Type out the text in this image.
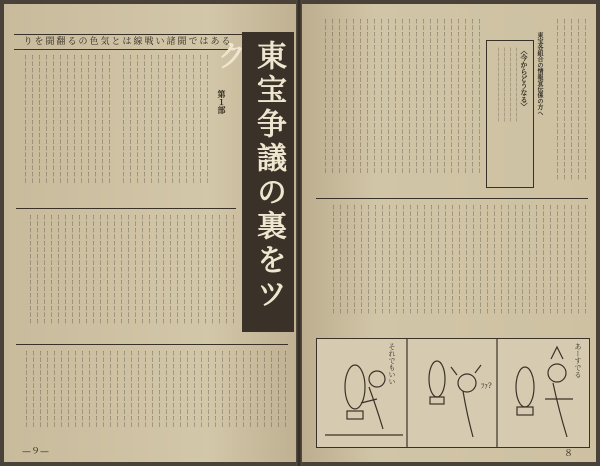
りを闘翻るの色気とは線戦い諸闘ではある 東宝争議の裏をツク
第１部
ーーーーーーーーーーーーーーーーーーーー
ーーーーーーーーーーーーーーーーーーーー
ーーーーーーーーーーーーーーーーーーーー
ーーーーーーーーーーーーーーーーーーーー
ーーーーーーーーーーーーーーーーーーーー
ーーーーーーーーーーーーーーーーーーーー
ーーーーーーーーーーーーーーーーーーーー
ーーーーーーーーーーーーーーーーーーーー
ーーーーーーーーーーーーーーーーーーーー
ーーーーーーーーーーーーーーーーーーーー
ーーーーーーーーーーーーーーーーーーーー
ーーーーーーーーーーーーーーーーーーーー
ーーーーーーーーーーーーーーーーーーーー
ーーーーーーーーーーーーーーーーーーーー
ーーーーーーーーーーーーーーーーーーーー
ーーーーーーーーーーーーーーーーーーーー
ーーーーーーーーーーーーーーーーーーーー
ーーーーーーーーーーーーーーーーーーーー
ーーーーーーーーーーーーーーーーーーーー
ーーーーーーーーーーーーーーーーーーーー
ーーーーーーーーーーーーーーーーーーーー
ーーーーーーーーーーーーーーーーーーーー
ーーーーーーーーーーーーーーーーーーーー
ーーーーーーーーーーーーーーーーーーーー
ーーーーーーーーーーーーーーーーーーーー
ーーーーーーーーーーーーーーーーーーーー
ーーーーーーーーーーーーーーーーー
ーーーーーーーーーーーーーーーーー
ーーーーーーーーーーーーーーーーー
ーーーーーーーーーーーーーーーーー
ーーーーーーーーーーーーーーーーー
ーーーーーーーーーーーーーーーーー
ーーーーーーーーーーーーーーーーー
ーーーーーーーーーーーーーーーーー
ーーーーーーーーーーーーーーーーー
ーーーーーーーーーーーーーーーーー
ーーーーーーーーーーーーーーーーー
ーーーーーーーーーーーーーーーーー
ーーーーーーーーーーーーーーーーー
ーーーーーーーーーーーーーーーーー
ーーーーーーーーーーーーーーーーー
ーーーーーーーーーーーーーーーーー
ーーーーーーーーーーーーーーーーー
ーーーーーーーーーーーーーーーーー
ーーーーーーーーーーーーーーーーー
ーーーーーーーーーーーーーーーーー
ーーーーーーーーーーーーーーーーー
ーーーーーーーーーーーーーーーーー
ーーーーーーーーーーーーーーーーー
ーーーーーーーーーーーーーーーーー
ーーーーーーーーーーーーーーーーー
ーーーーーーーーーーーーーーーーー
ーーーーーーーーーーーーーーーーー
ーーーーーーーーーーーーーーーーー
ーーーーーーーーーーーーーーーーー
ーーーーーーーーーーーーーーーーー
ーーーーーーーーーーーー
ーーーーーーーーーーーー
ーーーーーーーーーーーー
ーーーーーーーーーーーー
ーーーーーーーーーーーー
ーーーーーーーーーーーー
ーーーーーーーーーーーー
ーーーーーーーーーーーー
ーーーーーーーーーーーー
ーーーーーーーーーーーー
ーーーーーーーーーーーー
ーーーーーーーーーーーー
ーーーーーーーーーーーー
ーーーーーーーーーーーー
ーーーーーーーーーーーー
ーーーーーーーーーーーー
ーーーーーーーーーーーー
ーーーーーーーーーーーー
ーーーーーーーーーーーー
ーーーーーーーーーーーー
ーーーーーーーーーーーー
ーーーーーーーーーーーー
ーーーーーーーーーーーー
ーーーーーーーーーーーー
ーーーーーーーーーーーー
ーーーーーーーーーーーー
ーーーーーーーーーーーー
ーーーーーーーーーーーー
ーーーーーーーーーーーー
ーーーーーーーーーーーー
ーーーーーーーーーーーー
ーーーーーーーーーーーー
ーーーーーーーーーーーー
ーーーーーーーーーーーー
ーーーーーーーーーーーー
ーーーーーーーーーーーー
ーーーーーーーーーーーー
ーーーーーーーーーーーー
—９—
東宝各組合の情報宣伝係の方へ
〈今からどうなる〉
ーーーーーーーーーーーーーーー
ーーーーーーーーーーーーーーー
ーーーーーーーーーーーーーーー
ーーーーーーーーーーーーーーー	ーーーーーーーーーーーーーーーーーーーーーーーーー
ーーーーーーーーーーーーーーーーーーーーーーーーー
ーーーーーーーーーーーーーーーーーーーーーーーーー
ーーーーーーーーーーーーーーーーーーーーーーーーー
ーーーーーーーーーーーーーーーーーーーーーーーーー
ーーーーーーーーーーーーーーーーーーーーーーーー
ーーーーーーーーーーーーーーーーーーーーーーーー
ーーーーーーーーーーーーーーーーーーーーーーーー
ーーーーーーーーーーーーーーーーーーーーーーーー
ーーーーーーーーーーーーーーーーーーーーーーーー
ーーーーーーーーーーーーーーーーーーーーーーーー
ーーーーーーーーーーーーーーーーーーーーーーーー
ーーーーーーーーーーーーーーーーーーーーーーーー
ーーーーーーーーーーーーーーーーーーーーーーーー
ーーーーーーーーーーーーーーーーーーーーーーーー
ーーーーーーーーーーーーーーーーーーーーーーーー
ーーーーーーーーーーーーーーーーーーーーーーーー
ーーーーーーーーーーーーーーーーーーーーーーーー
ーーーーーーーーーーーーーーーーーーーーーーーー
ーーーーーーーーーーーーーーーーーーーーーーーー
ーーーーーーーーーーーーーーーーーーーーーーーー
ーーーーーーーーーーーーーーーーーーーーーーーー
ーーーーーーーーーーーーーーーーーーーーーーーー
ーーーーーーーーーーーーーーーーーーーーーーーー
ーーーーーーーーーーーーーーーーーーーーーーーー
ーーーーーーーーーーーーーーーーーーーーーーーー
ーーーーーーーーーーーーーーーーーーーーーーーー
ーーーーーーーーーーーーーーーーーーーーーーーー
ーーーーーーーーーーーーーーーーー
ーーーーーーーーーーーーーーーーー
ーーーーーーーーーーーーーーーーー
ーーーーーーーーーーーーーーーーー
ーーーーーーーーーーーーーーーーー
ーーーーーーーーーーーーーーーーー
ーーーーーーーーーーーーーーーーー
ーーーーーーーーーーーーーーーーー
ーーーーーーーーーーーーーーーーー
ーーーーーーーーーーーーーーーーー
ーーーーーーーーーーーーーーーーー
ーーーーーーーーーーーーーーーーー
ーーーーーーーーーーーーーーーーー
ーーーーーーーーーーーーーーーーー
ーーーーーーーーーーーーーーーーー
ーーーーーーーーーーーーーーーーー
ーーーーーーーーーーーーーーーーー
ーーーーーーーーーーーーーーーーー
ーーーーーーーーーーーーーーーーー
ーーーーーーーーーーーーーーーーー
ーーーーーーーーーーーーーーーーー
ーーーーーーーーーーーーーーーーー
ーーーーーーーーーーーーーーーーー
ーーーーーーーーーーーーーーーーー
ーーーーーーーーーーーーーーーーー
ーーーーーーーーーーーーーーーーー
ーーーーーーーーーーーーーーーーー
ーーーーーーーーーーーーーーーーー
ーーーーーーーーーーーーーーーーー
ーーーーーーーーーーーーーーーーー
ーーーーーーーーーーーーーーーーー
ーーーーーーーーーーーーーーーーー
ーーーーーーーーーーーーーーーーー
ーーーーーーーーーーーーーーーーー
ーーーーーーーーーーーーーーーーー
ーーーーーーーーーーーーーーーーー
ーーーーーーーーーーーーーーーーー
それでもいい
ﾌｧ?
あーすでる
８
